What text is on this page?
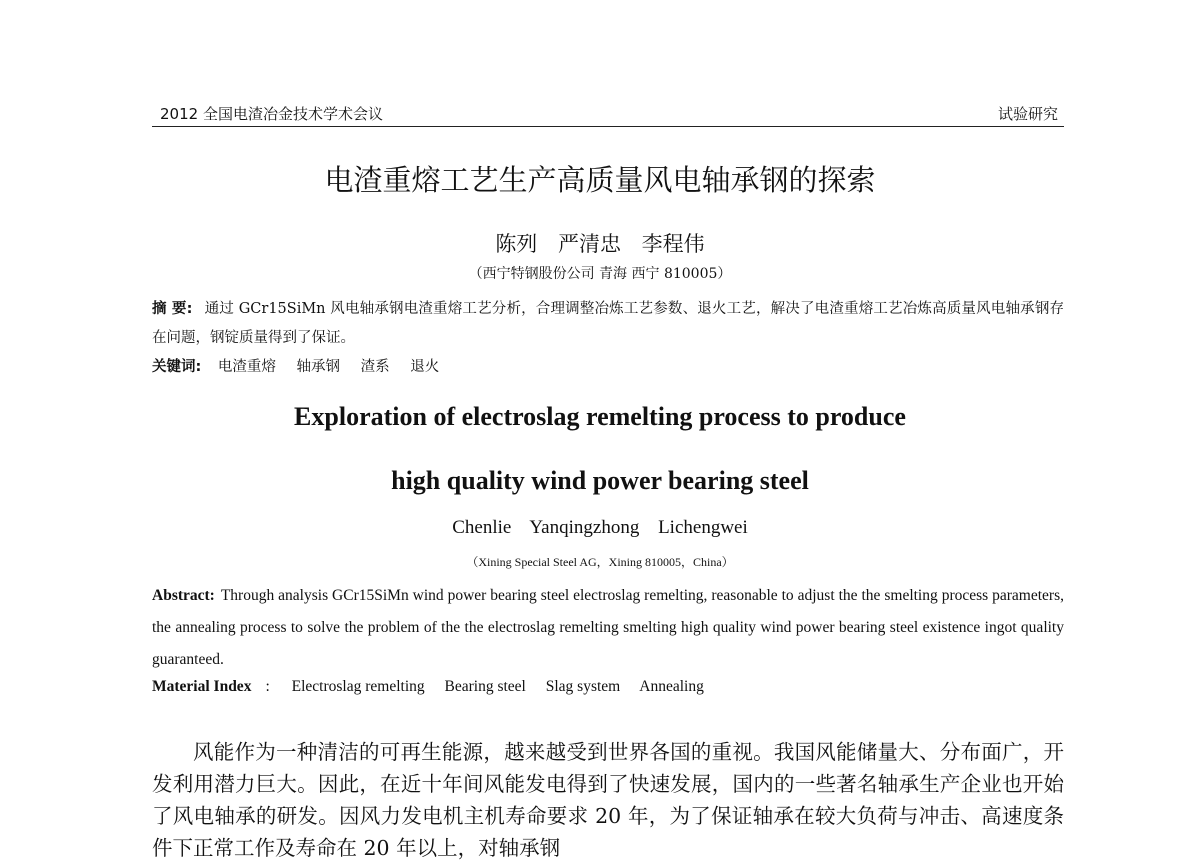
2012 全国电渣冶金技术学术会议	试验研究
电渣重熔工艺生产高质量风电轴承钢的探索
陈列 严清忠 李程伟
（西宁特钢股份公司 青海 西宁 810005）
摘 要: 通过 GCr15SiMn 风电轴承钢电渣重熔工艺分析，合理调整冶炼工艺参数、退火工艺，解决了电渣重熔工艺冶炼高质量风电轴承钢存在问题，钢锭质量得到了保证。
关键词: 电渣重熔 轴承钢 渣系 退火
Exploration of electroslag remelting process to produce
high quality wind power bearing steel
Chenlie Yanqingzhong Lichengwei
（Xining Special Steel AG，Xining 810005，China）
Abstract: Through analysis GCr15SiMn wind power bearing steel electroslag remelting, reasonable to adjust the the smelting process parameters, the annealing process to solve the problem of the the electroslag remelting smelting high quality wind power bearing steel existence ingot quality guaranteed.
Material Index : Electroslag remelting Bearing steel Slag system Annealing
风能作为一种清洁的可再生能源，越来越受到世界各国的重视。我国风能储量大、分布面广，开发利用潜力巨大。因此，在近十年间风能发电得到了快速发展，国内的一些著名轴承生产企业也开始了风电轴承的研发。因风力发电机主机寿命要求 20 年，为了保证轴承在较大负荷与冲击、高速度条件下正常工作及寿命在 20 年以上，对轴承钢
